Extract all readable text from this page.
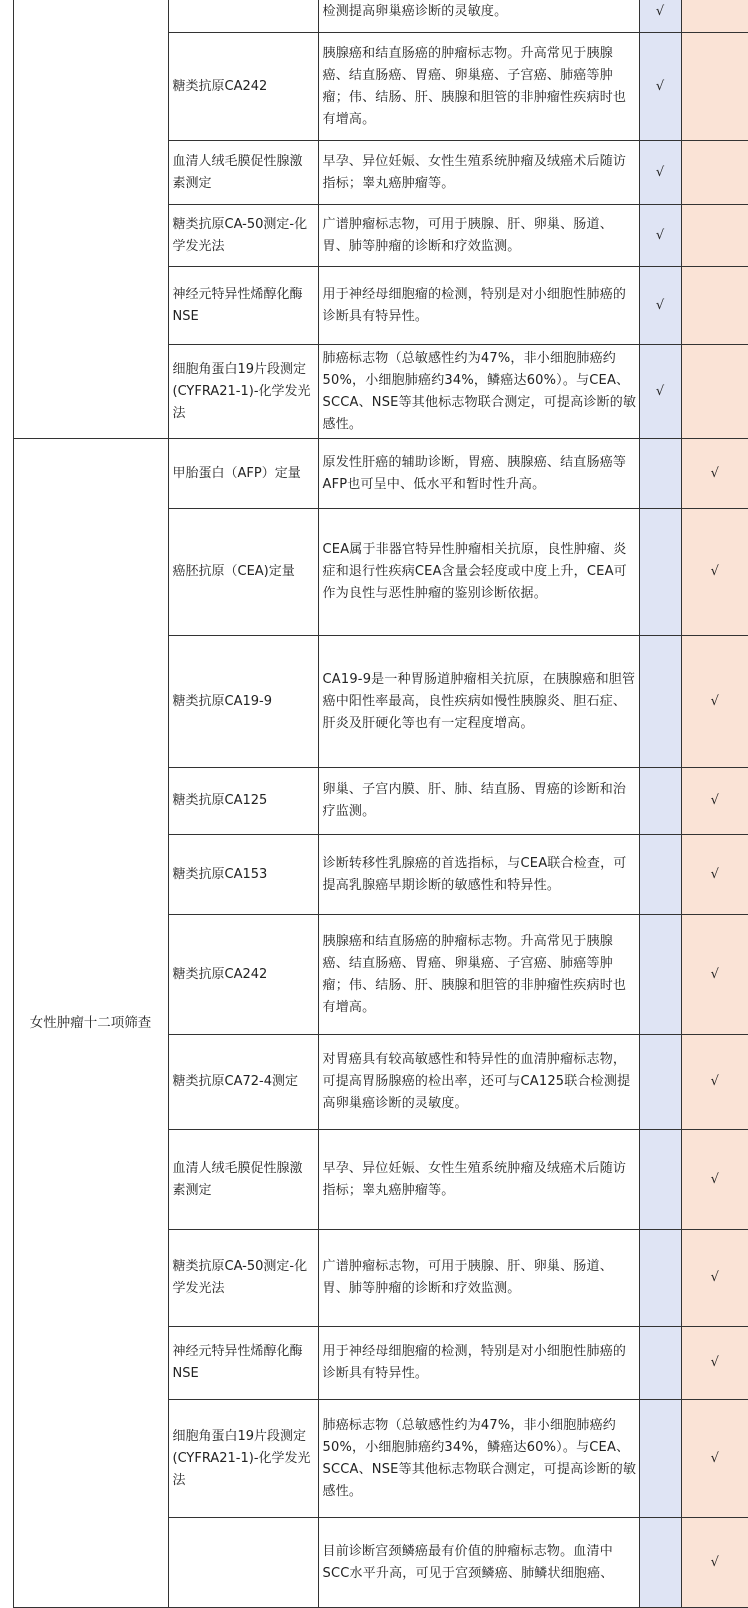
			检测提高卵巢癌诊断的灵敏度。	√	
		糖类抗原CA242	胰腺癌和结直肠癌的肿瘤标志物。升高常见于胰腺癌、结直肠癌、胃癌、卵巢癌、子宫癌、肺癌等肿瘤；伟、结肠、肝、胰腺和胆管的非肿瘤性疾病时也有增高。	√	
		血清人绒毛膜促性腺激素测定	早孕、异位妊娠、女性生殖系统肿瘤及绒癌术后随访指标；睾丸癌肿瘤等。	√	
		糖类抗原CA-50测定-化学发光法	广谱肿瘤标志物，可用于胰腺、肝、卵巢、肠道、胃、肺等肿瘤的诊断和疗效监测。	√	
		神经元特异性烯醇化酶NSE	用于神经母细胞瘤的检测，特别是对小细胞性肺癌的诊断具有特异性。	√	
		细胞角蛋白19片段测定(CYFRA21-1)-化学发光法	肺癌标志物（总敏感性约为47%，非小细胞肺癌约50%，小细胞肺癌约34%，鳞癌达60%）。与CEA、SCCA、NSE等其他标志物联合测定，可提高诊断的敏感性。	√	
	女性肿瘤十二项筛查	甲胎蛋白（AFP）定量	原发性肝癌的辅助诊断，胃癌、胰腺癌、结直肠癌等AFP也可呈中、低水平和暂时性升高。		√
		癌胚抗原（CEA)定量	CEA属于非器官特异性肿瘤相关抗原，良性肿瘤、炎症和退行性疾病CEA含量会轻度或中度上升，CEA可作为良性与恶性肿瘤的鉴别诊断依据。		√
		糖类抗原CA19-9	CA19-9是一种胃肠道肿瘤相关抗原，在胰腺癌和胆管癌中阳性率最高，良性疾病如慢性胰腺炎、胆石症、肝炎及肝硬化等也有一定程度增高。		√
		糖类抗原CA125	卵巢、子宫内膜、肝、肺、结直肠、胃癌的诊断和治疗监测。		√
		糖类抗原CA153	诊断转移性乳腺癌的首选指标，与CEA联合检查，可提高乳腺癌早期诊断的敏感性和特异性。		√
		糖类抗原CA242	胰腺癌和结直肠癌的肿瘤标志物。升高常见于胰腺癌、结直肠癌、胃癌、卵巢癌、子宫癌、肺癌等肿瘤；伟、结肠、肝、胰腺和胆管的非肿瘤性疾病时也有增高。		√
		糖类抗原CA72-4测定	对胃癌具有较高敏感性和特异性的血清肿瘤标志物，可提高胃肠腺癌的检出率，还可与CA125联合检测提高卵巢癌诊断的灵敏度。		√
		血清人绒毛膜促性腺激素测定	早孕、异位妊娠、女性生殖系统肿瘤及绒癌术后随访指标；睾丸癌肿瘤等。		√
		糖类抗原CA-50测定-化学发光法	广谱肿瘤标志物，可用于胰腺、肝、卵巢、肠道、胃、肺等肿瘤的诊断和疗效监测。		√
		神经元特异性烯醇化酶NSE	用于神经母细胞瘤的检测，特别是对小细胞性肺癌的诊断具有特异性。		√
		细胞角蛋白19片段测定(CYFRA21-1)-化学发光法	肺癌标志物（总敏感性约为47%，非小细胞肺癌约50%，小细胞肺癌约34%，鳞癌达60%）。与CEA、SCCA、NSE等其他标志物联合测定，可提高诊断的敏感性。		√
			目前诊断宫颈鳞癌最有价值的肿瘤标志物。血清中SCC水平升高，可见于宫颈鳞癌、肺鳞状细胞癌、		√
